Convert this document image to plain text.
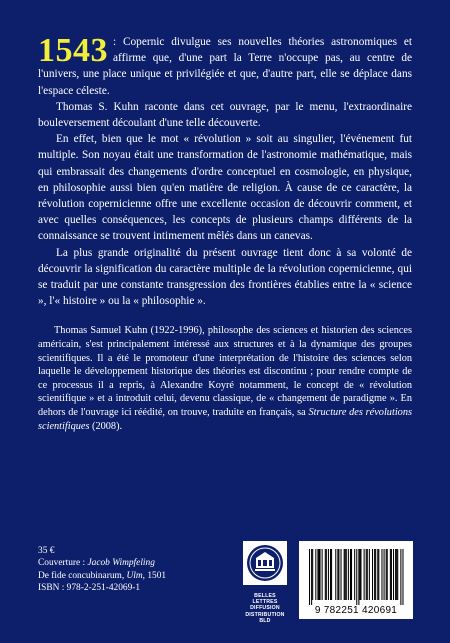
1543 : Copernic divulgue ses nouvelles théories astronomiques et affirme que, d'une part la Terre n'occupe pas, au centre de l'univers, une place unique et privilégiée et que, d'autre part, elle se déplace dans l'espace céleste.

Thomas S. Kuhn raconte dans cet ouvrage, par le menu, l'extraordinaire bouleversement découlant d'une telle découverte.

En effet, bien que le mot « révolution » soit au singulier, l'événement fut multiple. Son noyau était une transformation de l'astronomie mathématique, mais qui embrassait des changements d'ordre conceptuel en cosmologie, en physique, en philosophie aussi bien qu'en matière de religion. À cause de ce caractère, la révolution copernicienne offre une excellente occasion de découvrir comment, et avec quelles conséquences, les concepts de plusieurs champs différents de la connaissance se trouvent intimement mêlés dans un canevas.

La plus grande originalité du présent ouvrage tient donc à sa volonté de découvrir la signification du caractère multiple de la révolution copernicienne, qui se traduit par une constante transgression des frontières établies entre la « science », l'« histoire » ou la « philosophie ».

Thomas Samuel Kuhn (1922-1996), philosophe des sciences et historien des sciences américain, s'est principalement intéressé aux structures et à la dynamique des groupes scientifiques. Il a été le promoteur d'une interprétation de l'histoire des sciences selon laquelle le développement historique des théories est discontinu ; pour rendre compte de ce processus il a repris, à Alexandre Koyré notamment, le concept de « révolution scientifique » et a introduit celui, devenu classique, de « changement de paradigme ». En dehors de l'ouvrage ici réédité, on trouve, traduite en français, sa Structure des révolutions scientifiques (2008).

35 €
Couverture : Jacob Wimpfeling
De fide concubinarum, Ulm, 1501
ISBN : 978-2-251-42069-1
BELLES LETTRES
DIFFUSION
DISTRIBUTION
BLD
9 782251 420691
